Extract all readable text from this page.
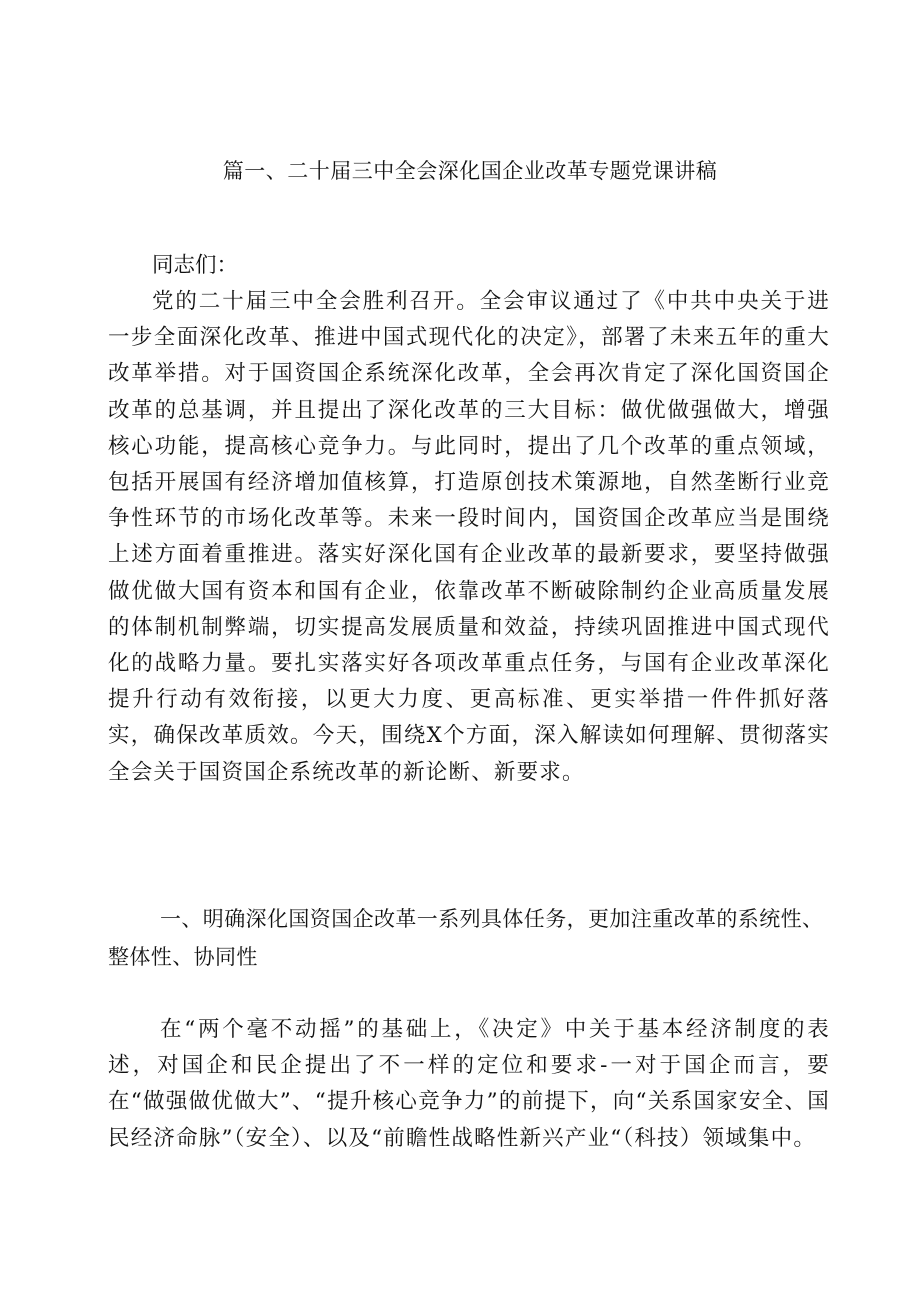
篇一、二十届三中全会深化国企业改革专题党课讲稿
同志们：
党的二十届三中全会胜利召开。全会审议通过了《中共中央关于进一步全面深化改革、推进中国式现代化的决定》，部署了未来五年的重大改革举措。对于国资国企系统深化改革，全会再次肯定了深化国资国企改革的总基调，并且提出了深化改革的三大目标：做优做强做大，增强核心功能，提高核心竞争力。与此同时，提出了几个改革的重点领域，包括开展国有经济增加值核算，打造原创技术策源地，自然垄断行业竞争性环节的市场化改革等。未来一段时间内，国资国企改革应当是围绕上述方面着重推进。落实好深化国有企业改革的最新要求，要坚持做强做优做大国有资本和国有企业，依靠改革不断破除制约企业高质量发展的体制机制弊端，切实提高发展质量和效益，持续巩固推进中国式现代化的战略力量。要扎实落实好各项改革重点任务，与国有企业改革深化提升行动有效衔接，以更大力度、更高标准、更实举措一件件抓好落实，确保改革质效。今天，围绕X个方面，深入解读如何理解、贯彻落实全会关于国资国企系统改革的新论断、新要求。
一、明确深化国资国企改革一系列具体任务，更加注重改革的系统性、整体性、协同性
在“两个毫不动摇”的基础上，《决定》中关于基本经济制度的表述，对国企和民企提出了不一样的定位和要求-一对于国企而言，要在“做强做优做大”、“提升核心竞争力”的前提下，向“关系国家安全、国民经济命脉”（安全）、以及“前瞻性战略性新兴产业“（科技）领域集中。
